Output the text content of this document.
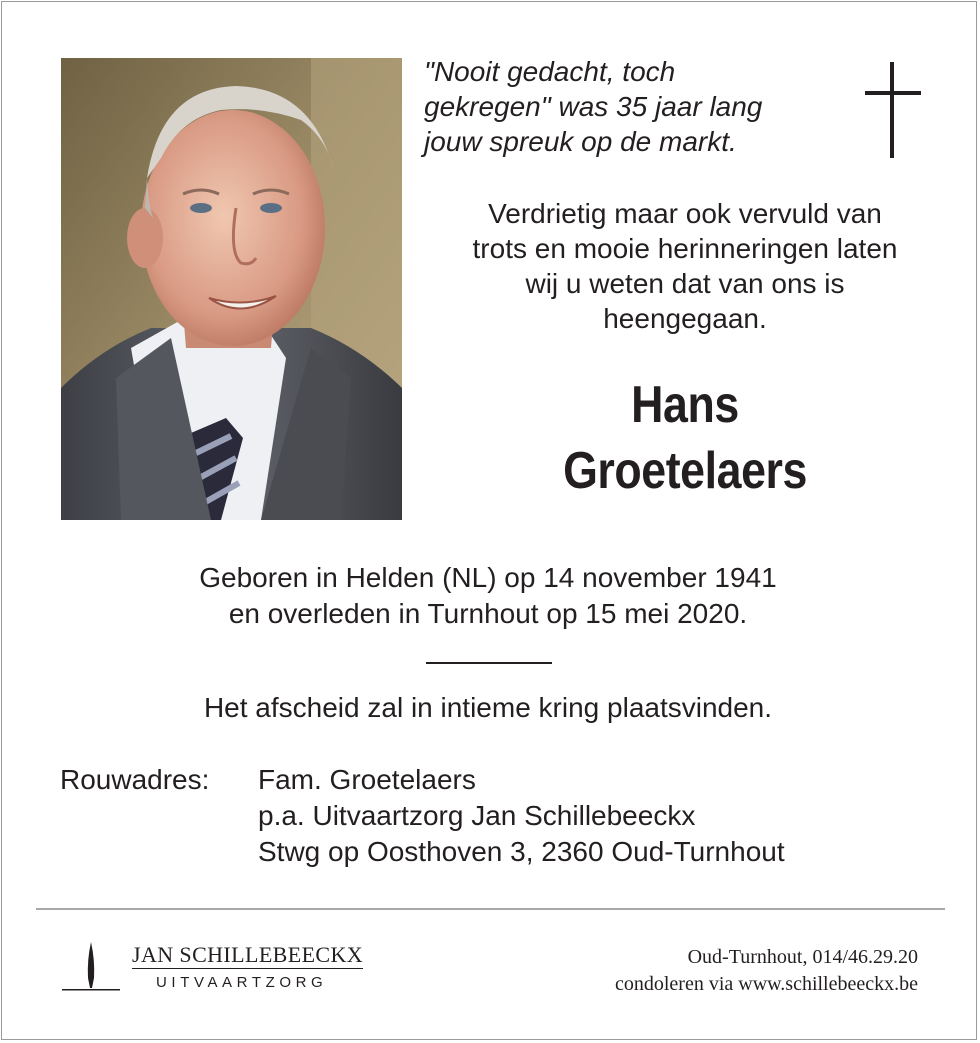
"Nooit gedacht, toch
gekregen" was 35 jaar lang
jouw spreuk op de markt.
Verdrietig maar ook vervuld van
trots en mooie herinneringen laten
wij u weten dat van ons is
heengegaan.
Hans
Groetelaers
Geboren in Helden (NL) op 14 november 1941
en overleden in Turnhout op 15 mei 2020.
Het afscheid zal in intieme kring plaatsvinden.
Rouwadres: Fam. Groetelaers
p.a. Uitvaartzorg Jan Schillebeeckx
Stwg op Oosthoven 3, 2360 Oud-Turnhout
JAN SCHILLEBEECKX
UITVAARTZORG
Oud-Turnhout, 014/46.29.20
condoleren via www.schillebeeckx.be
